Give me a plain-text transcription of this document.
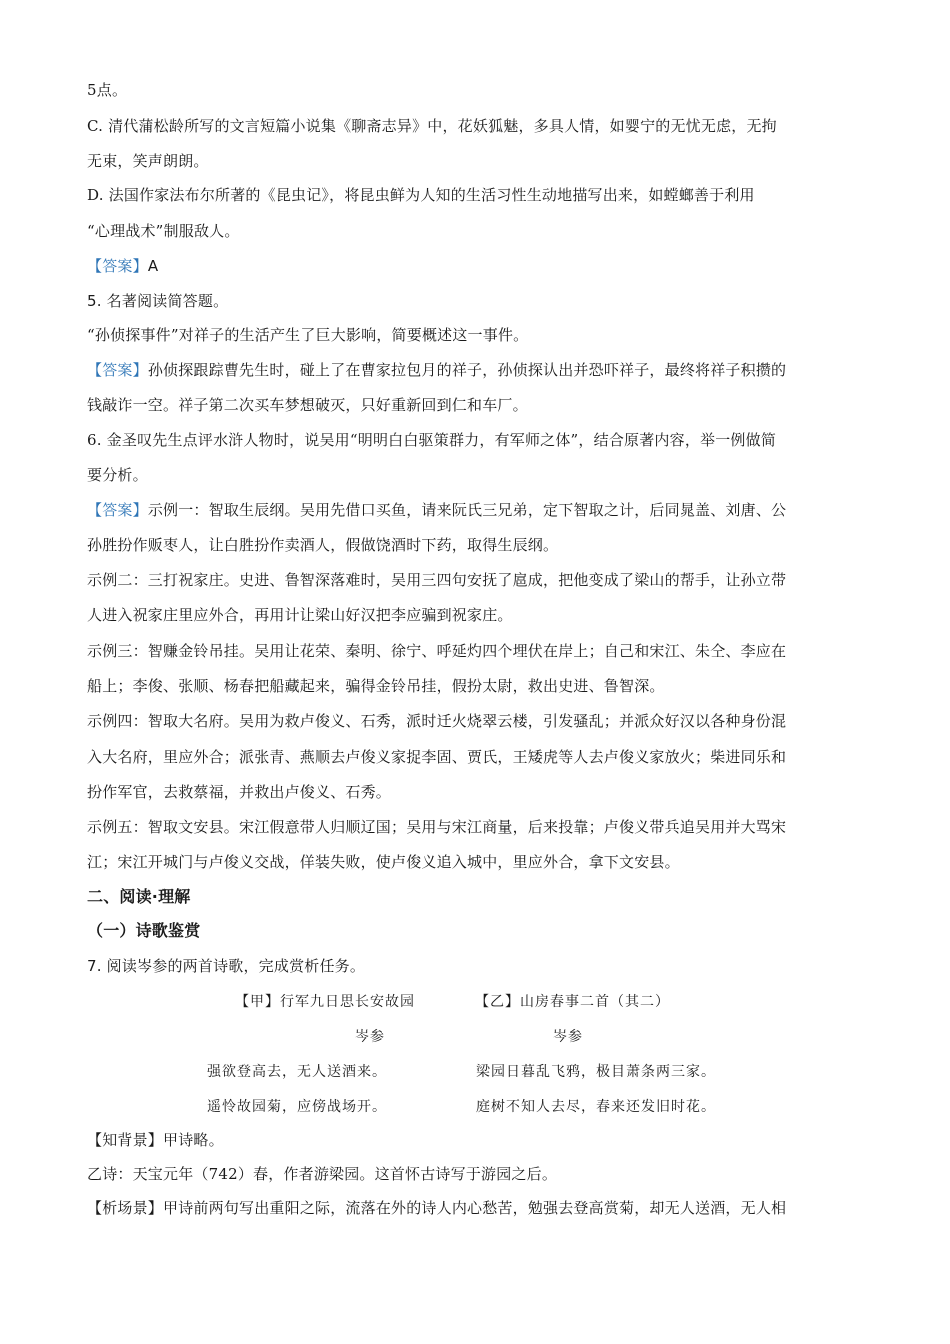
5点。
C. 清代蒲松龄所写的文言短篇小说集《聊斋志异》中，花妖狐魅，多具人情，如婴宁的无忧无虑，无拘
无束，笑声朗朗。
D. 法国作家法布尔所著的《昆虫记》，将昆虫鲜为人知的生活习性生动地描写出来，如螳螂善于利用
“心理战术”制服敌人。
【答案】A
5. 名著阅读简答题。
“孙侦探事件”对祥子的生活产生了巨大影响，简要概述这一事件。
【答案】孙侦探跟踪曹先生时，碰上了在曹家拉包月的祥子，孙侦探认出并恐吓祥子，最终将祥子积攒的
钱敲诈一空。祥子第二次买车梦想破灭，只好重新回到仁和车厂。
6. 金圣叹先生点评水浒人物时，说吴用“明明白白驱策群力，有军师之体”，结合原著内容，举一例做简
要分析。
【答案】示例一：智取生辰纲。吴用先借口买鱼，请来阮氏三兄弟，定下智取之计，后同晁盖、刘唐、公
孙胜扮作贩枣人，让白胜扮作卖酒人，假做饶酒时下药，取得生辰纲。
示例二：三打祝家庄。史进、鲁智深落难时，吴用三四句安抚了扈成，把他变成了梁山的帮手，让孙立带
人进入祝家庄里应外合，再用计让梁山好汉把李应骗到祝家庄。
示例三：智赚金铃吊挂。吴用让花荣、秦明、徐宁、呼延灼四个埋伏在岸上；自己和宋江、朱仝、李应在
船上；李俊、张顺、杨春把船藏起来，骗得金铃吊挂，假扮太尉，救出史进、鲁智深。
示例四：智取大名府。吴用为救卢俊义、石秀，派时迁火烧翠云楼，引发骚乱；并派众好汉以各种身份混
入大名府，里应外合；派张青、燕顺去卢俊义家捉李固、贾氏，王矮虎等人去卢俊义家放火；柴进同乐和
扮作军官，去救蔡福，并救出卢俊义、石秀。
示例五：智取文安县。宋江假意带人归顺辽国；吴用与宋江商量，后来投靠；卢俊义带兵追吴用并大骂宋
江；宋江开城门与卢俊义交战，佯装失败，使卢俊义追入城中，里应外合，拿下文安县。
二、阅读·理解
（一）诗歌鉴赏
7. 阅读岑参的两首诗歌，完成赏析任务。
【甲】行军九日思长安故园	【乙】山房春事二首（其二）
岑参	岑参
强欲登高去，无人送酒来。	梁园日暮乱飞鸦，极目萧条两三家。
遥怜故园菊，应傍战场开。	庭树不知人去尽，春来还发旧时花。
【知背景】甲诗略。
乙诗：天宝元年（742）春，作者游梁园。这首怀古诗写于游园之后。
【析场景】甲诗前两句写出重阳之际，流落在外的诗人内心愁苦，勉强去登高赏菊，却无人送酒，无人相
